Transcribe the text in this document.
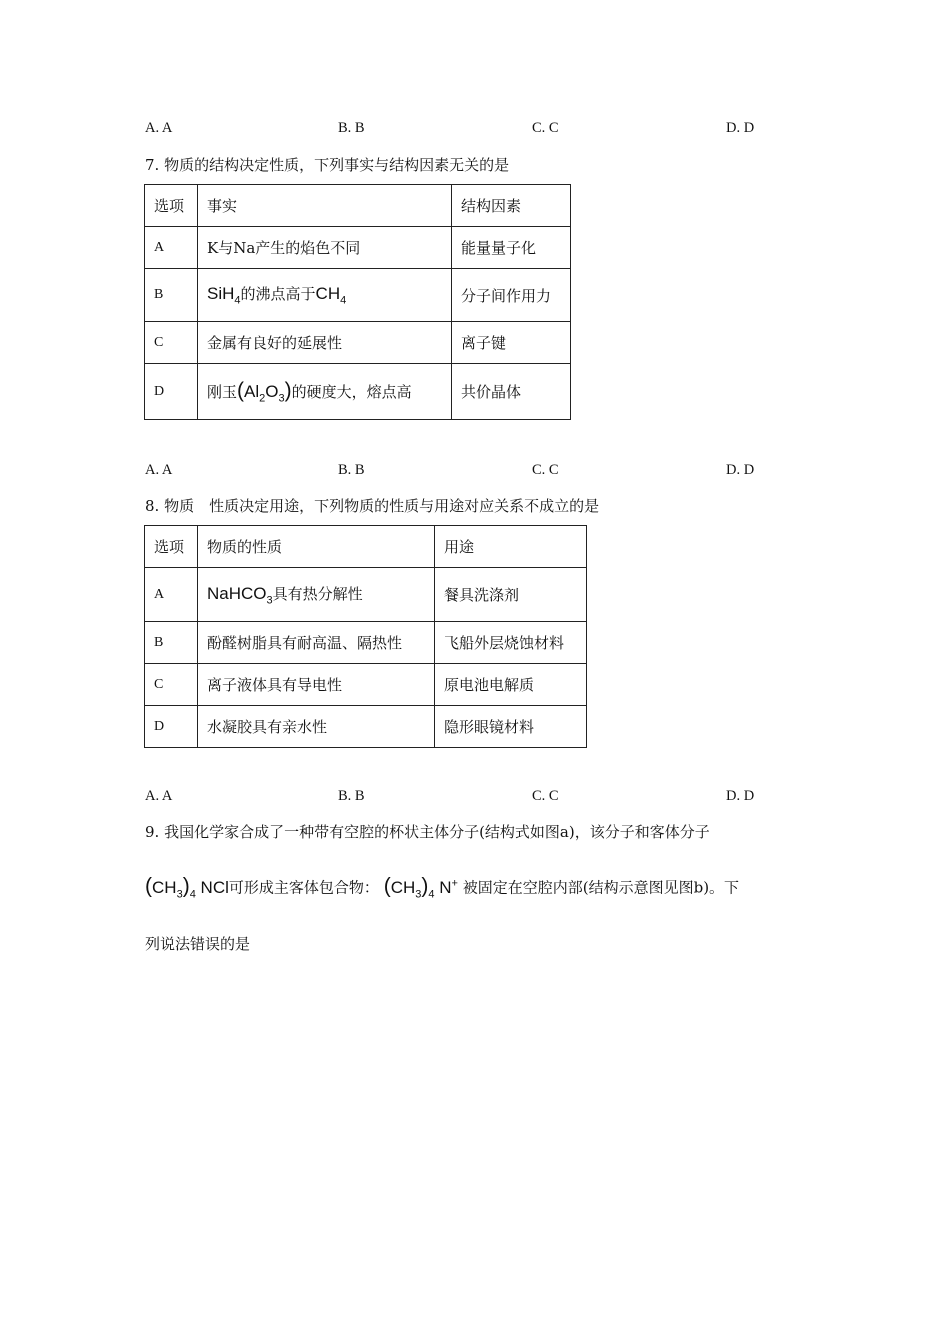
A. A	B. B	C. C	D. D
7. 物质的结构决定性质，下列事实与结构因素无关的是
选项	事实	结构因素
A	K与Na产生的焰色不同	能量量子化
B	SiH$_4$的沸点高于$CH_4$	分子间作用力
C	金属有良好的延展性	离子键
D	刚玉$(Al_2O_3)$的硬度大，熔点高	共价晶体
A. A	B. B	C. C	D. D
8. 物质　性质决定用途，下列物质的性质与用途对应关系不成立的是
选项	物质的性质	用途
A	NaHCO$_3$具有热分解性	餐具洗涤剂
B	酚醛树脂具有耐高温、隔热性	飞船外层烧蚀材料
C	离子液体具有导电性	原电池电解质
D	水凝胶具有亲水性	隐形眼镜材料
A. A	B. B	C. C	D. D
9. 我国化学家合成了一种带有空腔的杯状主体分子(结构式如图a)，该分子和客体分子
$(CH_3)_4$ NCl可形成主客体包合物： $(CH_3)_4$ N+ 被固定在空腔内部(结构示意图见图b)。下
列说法错误的是
